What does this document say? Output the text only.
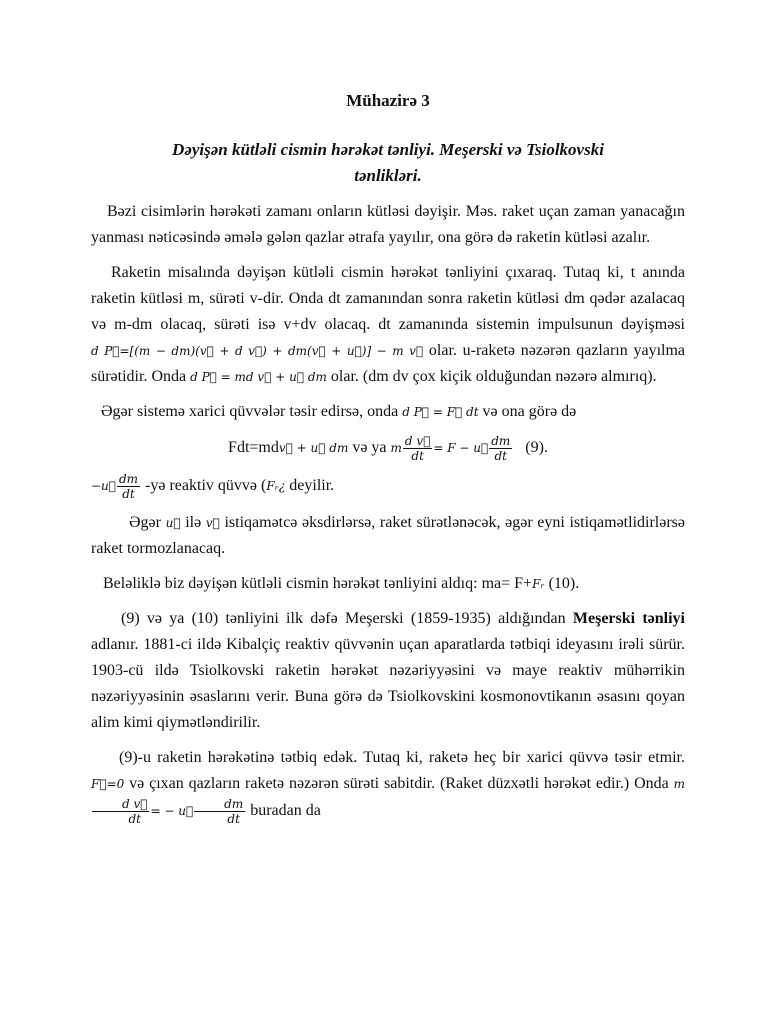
Mühazirə 3
Dəyişən kütləli cismin hərəkət tənliyi. Meşerski və Tsiolkovski
tənlikləri.

Bəzi cisimlərin hərəkəti zamanı onların kütləsi dəyişir. Məs. raket uçan zaman yanacağın yanması nəticəsində əmələ gələn qazlar ətrafa yayılır, ona görə də raketin kütləsi azalır.

Raketin misalında dəyişən kütləli cismin hərəkət tənliyini çıxaraq. Tutaq ki, t anında raketin kütləsi m, sürəti v-dir. Onda dt zamanından sonra raketin kütləsi dm qədər azalacaq və m-dm olacaq, sürəti isə v+dv olacaq. dt zamanında sistemin impulsunun dəyişməsi d P⃗=[(m − dm)(v⃗ + d v⃗) + dm(v⃗ + u⃗)] − m v⃗ olar. u-raketə nəzərən qazların yayılma sürətidir. Onda d P⃗ = md v⃗ + u⃗ dm olar. (dm dv çox kiçik olduğundan nəzərə almırıq).

Əgər sistemə xarici qüvvələr təsir edirsə, onda d P⃗ = F⃗ dt və ona görə də

Fdt=mdv⃗ + u⃗ dm və ya m $\frac{\text{d v⃗}}{dt} = F$ − u⃗ $\frac{dm}{dt} (9)$.

−u⃗ $\frac{dm}{dt}$ -yə reaktiv qüvvə (Fᵣ¿ deyilir.

Əgər u⃗ ilə v⃗ istiqamətcə əksdirlərsə, raket sürətlənəcək, əgər eyni istiqamətlidirlərsə raket tormozlanacaq.

Beləliklə biz dəyişən kütləli cismin hərəkət tənliyini aldıq: ma= F+Fᵣ (10).

(9) və ya (10) tənliyini ilk dəfə Meşerski (1859-1935) aldığından Meşerski tənliyi adlanır. 1881-ci ildə Kibalçiç reaktiv qüvvənin uçan aparatlarda tətbiqi ideyasını irəli sürür. 1903-cü ildə Tsiolkovski raketin hərəkət nəzəriyyəsini və maye reaktiv mühərrikin nəzəriyyəsinin əsaslarını verir. Buna görə də Tsiolkovskini kosmonovtikanın əsasını qoyan alim kimi qiymətləndirilir.

(9)-u raketin hərəkətinə tətbiq edək. Tutaq ki, raketə heç bir xarici qüvvə təsir etmir. F⃗=0 və çıxan qazların raketə nəzərən sürəti sabitdir. (Raket düzxətli hərəkət edir.) Onda m
$\frac{\text{d v⃗}}{dt}$ = − u⃗ $\frac{dm}{dt}$ buradan da
